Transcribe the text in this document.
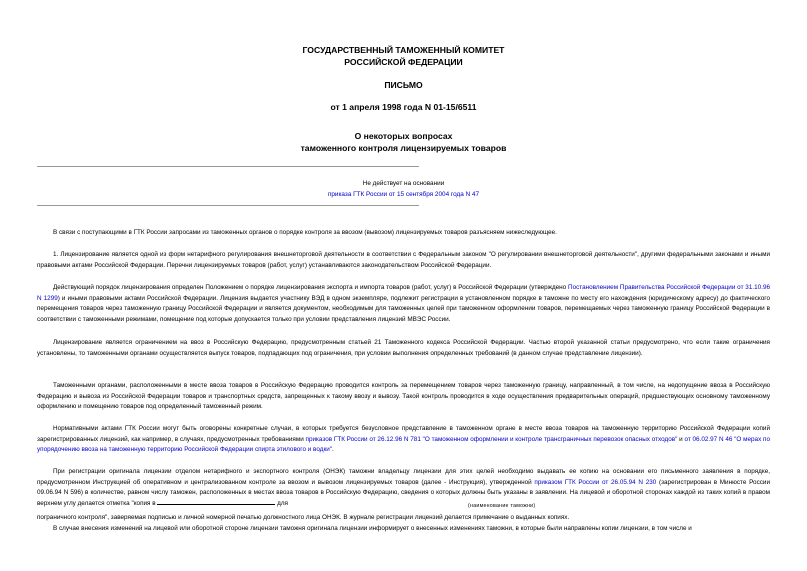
ГОСУДАРСТВЕННЫЙ ТАМОЖЕННЫЙ КОМИТЕТ
РОССИЙСКОЙ ФЕДЕРАЦИИ
ПИСЬМО
от 1 апреля 1998 года N 01-15/6511
О некоторых вопросах
таможенного контроля лицензируемых товаров
Не действует на основании
приказа ГТК России от 15 сентября 2004 года N 47
В связи с поступающими в ГТК России запросами из таможенных органов о порядке контроля за ввозом (вывозом) лицензируемых товаров разъясняем нижеследующее.
1. Лицензирование является одной из форм нетарифного регулирования внешнеторговой деятельности в соответствии с Федеральным законом "О регулировании внешнеторговой деятельности", другими федеральными законами и иными правовыми актами Российской Федерации. Перечни лицензируемых товаров (работ, услуг) устанавливаются законодательством Российской Федерации.
Действующий порядок лицензирования определен Положением о порядке лицензирования экспорта и импорта товаров (работ, услуг) в Российской Федерации (утверждено Постановлением Правительства Российской Федерации от 31.10.96 N 1299) и иными правовыми актами Российской Федерации. Лицензия выдается участнику ВЭД в одном экземпляре, подлежит регистрации в установленном порядке в таможне по месту его нахождения (юридическому адресу) до фактического перемещения товаров через таможенную границу Российской Федерации и является документом, необходимым для таможенных целей при таможенном оформлении товаров, перемещаемых через таможенную границу Российской Федерации в соответствии с таможенными режимами, помещение под которые допускается только при условии представления лицензий МВЭС России.
Лицензирование является ограничением на ввоз в Российскую Федерацию, предусмотренным статьей 21 Таможенного кодекса Российской Федерации. Частью второй указанной статьи предусмотрено, что если такие ограничения установлены, то таможенными органами осуществляется выпуск товаров, подпадающих под ограничения, при условии выполнения определенных требований (в данном случае представление лицензии).
Таможенными органами, расположенными в месте ввоза товаров в Российскую Федерацию проводится контроль за перемещением товаров через таможенную границу, направленный, в том числе, на недопущение ввоза в Российскую Федерацию и вывоза из Российской Федерации товаров и транспортных средств, запрещенных к такому ввозу и вывозу. Такой контроль проводится в ходе осуществления предварительных операций, предшествующих основному таможенному оформлению и помещению товаров под определенный таможенный режим.
Нормативными актами ГТК России могут быть оговорены конкретные случаи, в которых требуется безусловное представление в таможенном органе в месте ввоза товаров на таможенную территорию Российской Федерации копий зарегистрированных лицензий, как например, в случаях, предусмотренных требованиями приказов ГТК России от 26.12.96 N 781 "О таможенном оформлении и контроле трансграничных перевозок опасных отходов" и от 06.02.97 N 46 "О мерах по упорядочению ввоза на таможенную территорию Российской Федерации спирта этилового и водки".
При регистрации оригинала лицензии отделом нетарифного и экспортного контроля (ОНЭК) таможни владельцу лицензии для этих целей необходимо выдавать ее копию на основании его письменного заявления в порядке, предусмотренном Инструкцией об оперативном и централизованном контроле за ввозом и вывозом лицензируемых товаров (далее - Инструкция), утвержденной приказом ГТК России от 26.05.94 N 230 (зарегистрирован в Минюсте России 09.06.94 N 596) в количестве, равном числу таможен, расположенных в местах ввоза товаров в Российскую Федерацию, сведения о которых должны быть указаны в заявлении. На лицевой и оборотной сторонах каждой из таких копий в правом верхнем углу делается отметка "копия в	для	(наименование таможни)
пограничного контроля", заверяемая подписью и личной номерной печатью должностного лица ОНЭК. В журнале регистрации лицензий делается примечание о выданных копиях.
В случае внесения изменений на лицевой или оборотной стороне лицензии таможня оригинала лицензии информирует о внесенных изменениях таможни, в которые были направлены копии лицензии, в том числе и
